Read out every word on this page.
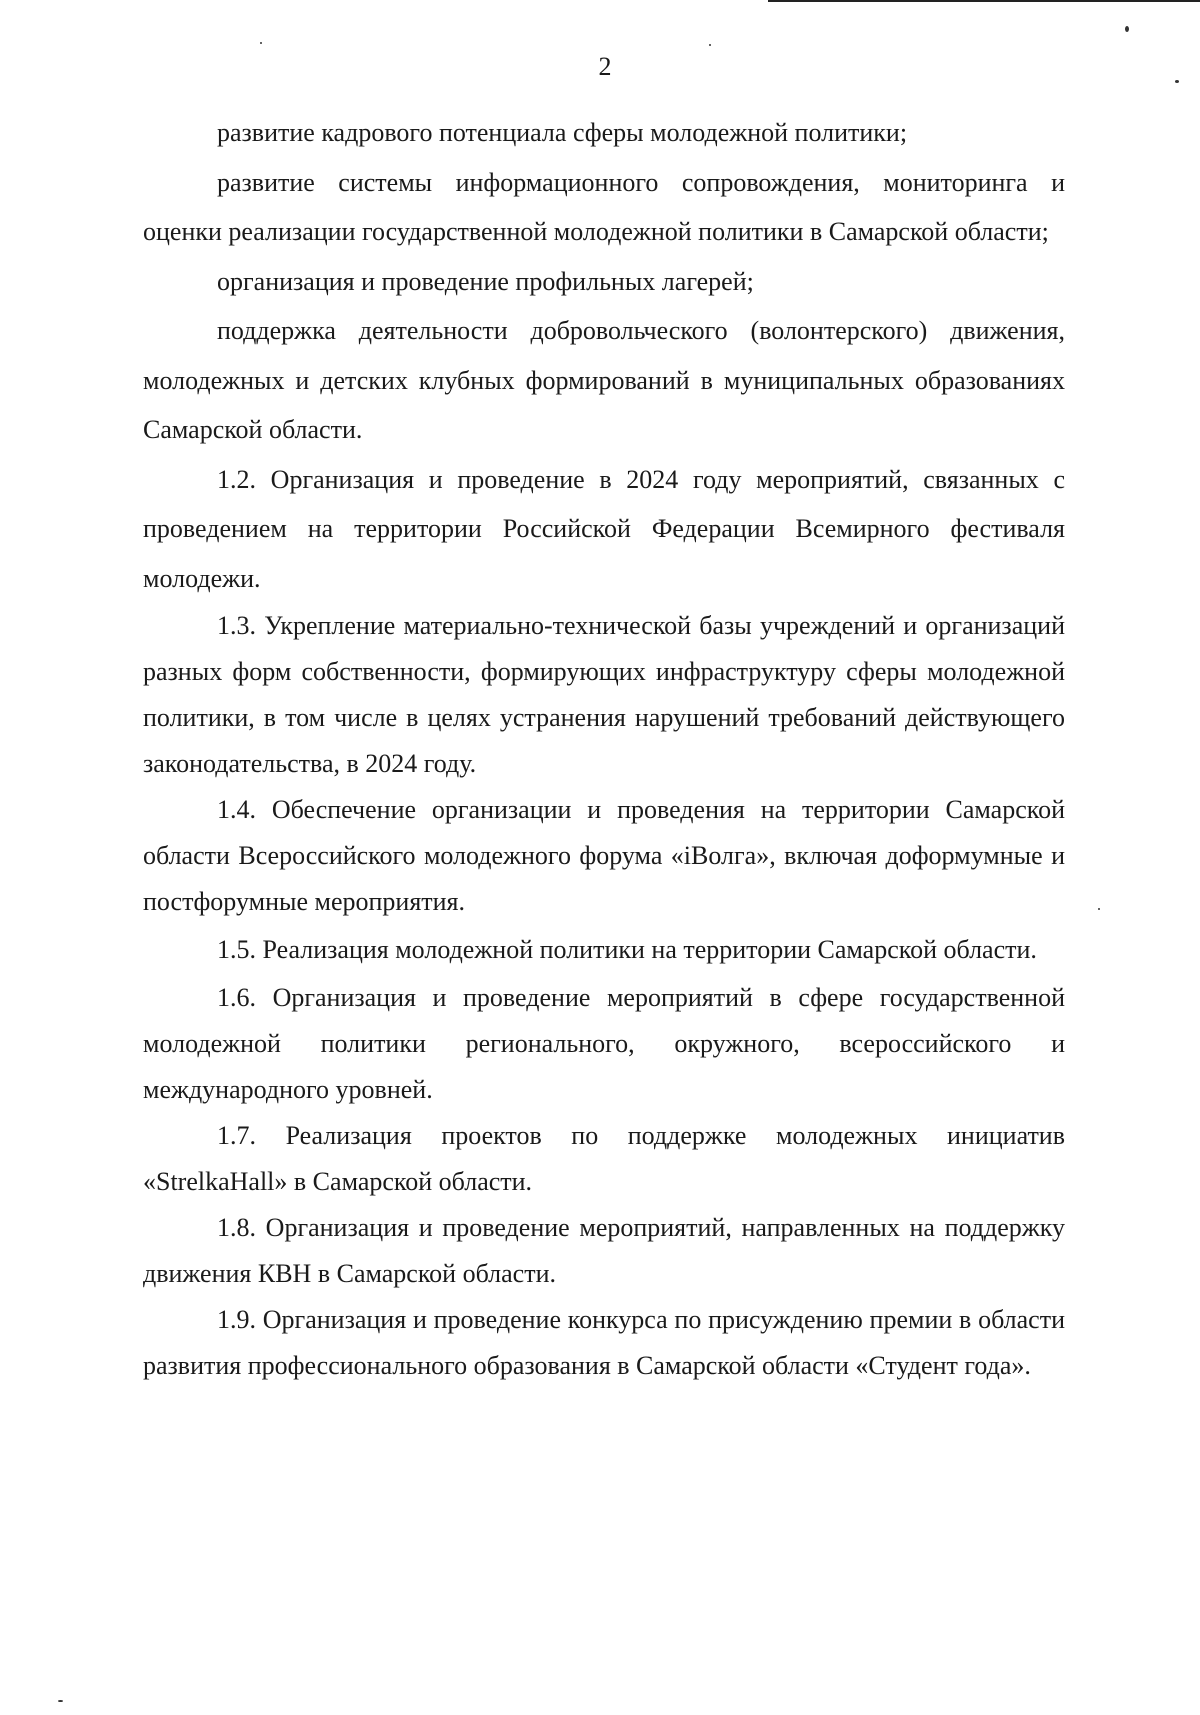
2

развитие кадрового потенциала сферы молодежной политики;

развитие системы информационного сопровождения, мониторинга и оценки реализации государственной молодежной политики в Самарской области;

организация и проведение профильных лагерей;

поддержка деятельности добровольческого (волонтерского) движения, молодежных и детских клубных формирований в муниципальных образованиях Самарской области.

1.2. Организация и проведение в 2024 году мероприятий, связанных с проведением на территории Российской Федерации Всемирного фестиваля молодежи.

1.3. Укрепление материально-технической базы учреждений и организаций разных форм собственности, формирующих инфраструктуру сферы молодежной политики, в том числе в целях устранения нарушений требований действующего законодательства, в 2024 году.

1.4. Обеспечение организации и проведения на территории Самарской области Всероссийского молодежного форума «iВолга», включая доформумные и постфорумные мероприятия.

1.5. Реализация молодежной политики на территории Самарской области.

1.6. Организация и проведение мероприятий в сфере государственной молодежной политики регионального, окружного, всероссийского и международного уровней.

1.7. Реализация проектов по поддержке молодежных инициатив «StrelkaHall» в Самарской области.

1.8. Организация и проведение мероприятий, направленных на поддержку движения КВН в Самарской области.

1.9. Организация и проведение конкурса по присуждению премии в области развития профессионального образования в Самарской области «Студент года».
